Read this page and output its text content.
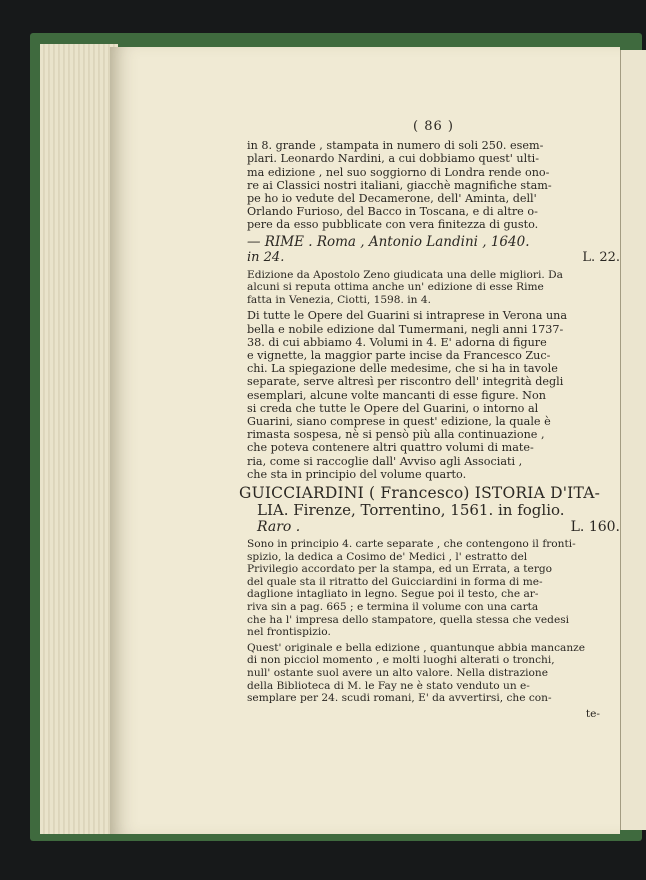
( 86 )
in 8. grande , stampata in numero di soli 250. esem-
plari. Leonardo Nardini, a cui dobbiamo quest' ulti-
ma edizione , nel suo soggiorno di Londra rende ono-
re ai Classici nostri italiani, giacchè magnifiche stam-
pe ho io vedute del Decamerone, dell' Aminta, dell'
Orlando Furioso, del Bacco in Toscana, e di altre o-
pere da esso pubblicate con vera finitezza di gusto.
— RIME . Roma , Antonio Landini , 1640.
in 24.	L. 22.
Edizione da Apostolo Zeno giudicata una delle migliori. Da
alcuni si reputa ottima anche un' edizione di esse Rime
fatta in Venezia, Ciotti, 1598. in 4.
Di tutte le Opere del Guarini si intraprese in Verona una
bella e nobile edizione dal Tumermani, negli anni 1737-
38. di cui abbiamo 4. Volumi in 4. E' adorna di figure
e vignette, la maggior parte incise da Francesco Zuc-
chi. La spiegazione delle medesime, che si ha in tavole
separate, serve altresì per riscontro dell' integrità degli
esemplari, alcune volte mancanti di esse figure. Non
si creda che tutte le Opere del Guarini, o intorno al
Guarini, siano comprese in quest' edizione, la quale è
rimasta sospesa, nè si pensò più alla continuazione ,
che poteva contenere altri quattro volumi di mate-
ria, come si raccoglie dall' Avviso agli Associati ,
che sta in principio del volume quarto.
GUICCIARDINI ( Francesco) ISTORIA D'ITA-
LIA. Firenze, Torrentino, 1561. in foglio.
Raro .	L. 160.
Sono in principio 4. carte separate , che contengono il fronti-
spizio, la dedica a Cosimo de' Medici , l' estratto del
Privilegio accordato per la stampa, ed un Errata, a tergo
del quale sta il ritratto del Guicciardini in forma di me-
daglione intagliato in legno. Segue poi il testo, che ar-
riva sin a pag. 665 ; e termina il volume con una carta
che ha l' impresa dello stampatore, quella stessa che vedesi
nel frontispizio.
Quest' originale e bella edizione , quantunque abbia mancanze
di non picciol momento , e molti luoghi alterati o tronchi,
null' ostante suol avere un alto valore. Nella distrazione
della Biblioteca di M. le Fay ne è stato venduto un e-
semplare per 24. scudi romani, E' da avvertirsi, che con-
te-
